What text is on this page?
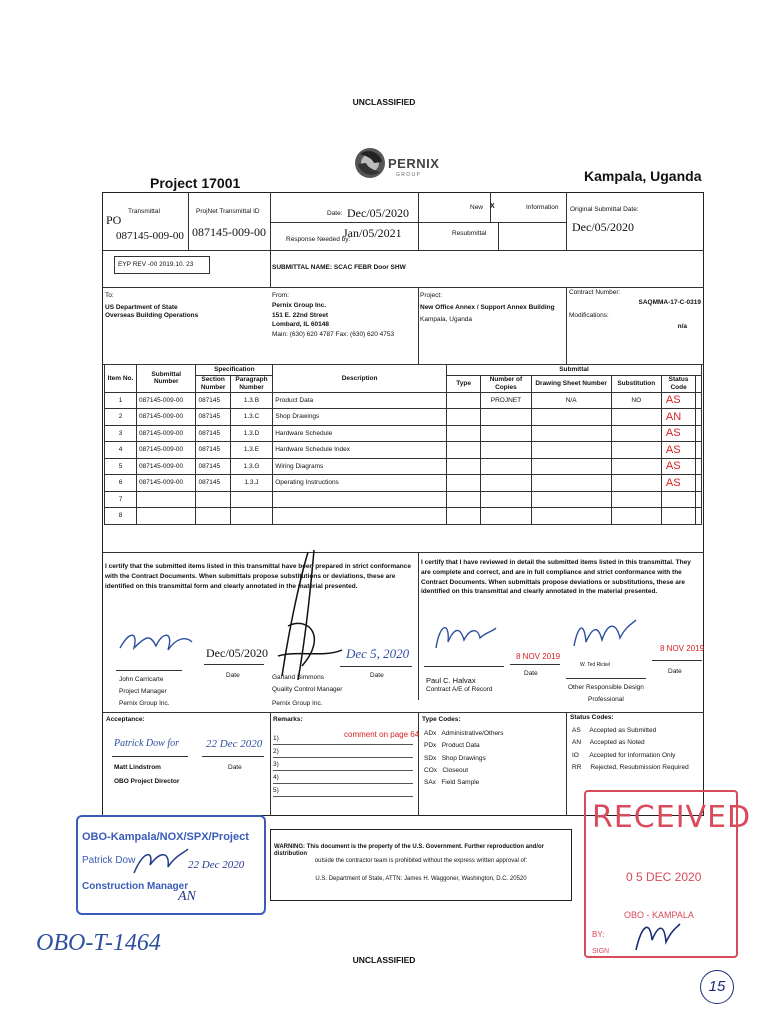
UNCLASSIFIED
PERNIX
G R O U P
Project 17001	Kampala, Uganda
PO
Transmittal
087145-009-00
ProjNet Transmittal ID
087145-009-00
Date: Dec/05/2020
Response Needed by:
Jan/05/2021
New X	Information
Resubmittal
Original Submittal Date:
Dec/05/2020
EYP REV -00 2019.10. 23	SUBMITTAL NAME: SCAC FEBR Door SHW
To:
US Department of State
Overseas Building Operations
From:
Pernix Group Inc.
151 E. 22nd Street
Lombard, IL 60148
Main: (630) 620 4787 Fax: (630) 620 4753
Project:
New Office Annex / Support Annex Building
Kampala, Uganda
Contract Number:
SAQMMA-17-C-0319
Modifications:
n/a
Item No.	Submittal Number	Specification		Description	Submittal					
		Section Number	Paragraph Number		Type	Number of Copies	Drawing Sheet Number	Substitution	Status Code	
1	087145-009-00	087145	1.3.B	Product Data		PROJNET	N/A	NO	AS	
2	087145-009-00	087145	1.3.C	Shop Drawings					AN	
3	087145-009-00	087145	1.3.D	Hardware Schedule					AS	
4	087145-009-00	087145	1.3.E	Hardware Schedule Index					AS	
5	087145-009-00	087145	1.3.G	Wiring Diagrams					AS	
6	087145-009-00	087145	1.3.J	Operating Instructions					AS	
7										
8										
I certify that the submitted items listed in this transmittal have been prepared in strict conformance with the Contract Documents. When submittals propose substitutions or deviations, these are identified on this transmittal form and clearly annotated in the material presented.
I certify that I have reviewed in detail the submitted items listed in this transmittal. They are complete and correct, and are in full compliance and strict conformance with the Contract Documents. When submittals propose deviations or substitutions, these are identified on this transmittal and clearly annotated in the material presented.
John Carricarte
Project Manager
Pernix Group Inc.
Dec/05/2020
Date	Garland Simmons
Quality Control Manager
Pernix Group Inc.
Dec 5, 2020
Date
Paul C. Halvax
Contract A/E of Record
8 NOV 2019
Date
W. Ted Rickel
Other Responsible Design
Professional
8 NOV 2019
Date
Acceptance:
Patrick Dow for 22 Dec 2020
Matt Lindstrom	Date
OBO Project Director
Remarks:
comment on page 64
1)
2)
3)
4)
5)
Type Codes:
ADx   Administrative/Others
PDx   Product Data
SDx   Shop Drawings
COx   Closeout
SAx   Field Sample
Status Codes:
AS     Accepted as Submitted
AN     Accepted as Noted
IO      Accepted for Information Only
RR     Rejected, Resubmission Required
WARNING: This document is the property of the U.S. Government. Further reproduction and/or distribution
outside the contractor team is prohibited without the express written approval of:
U.S. Department of State, ATTN: James H. Waggoner, Washington, D.C. 20520
OBO-Kampala/NOX/SPX/Project
Patrick Dow	22 Dec 2020
Construction Manager
AN
RECEIVED
0 5 DEC 2020
OBO - KAMPALA
BY:
SIGN
OBO-T-1464
UNCLASSIFIED
15
